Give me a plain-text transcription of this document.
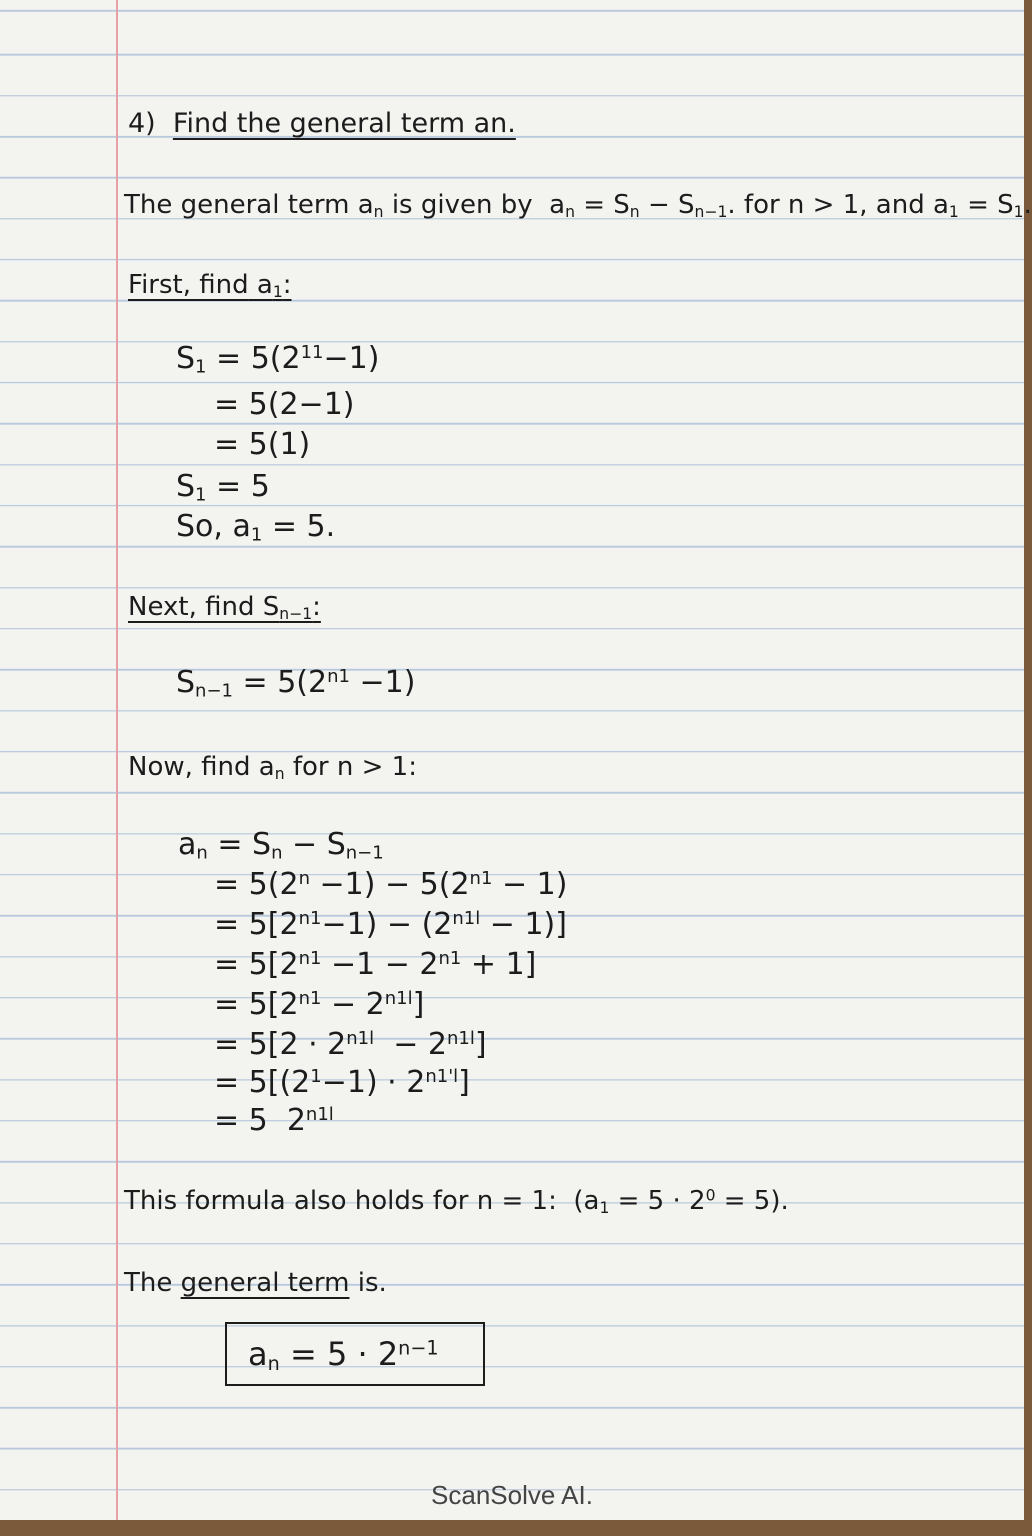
4) Find the general term an.
The general term $a_n$ is given by  $a_n = S_n - S_{n-1}$. for n > 1, and $a_1 = S_1$.
First, find $a_1$:
$S_1 = 5(2^{11}-1)$
= 5(2−1)
= 5(1)
$S_1 = 5$
So, $a_1 = 5$.
Next, find $S_{n-1}$:
$S_{n-1} = 5(2^{n1} -1)$
Now, find $a_n$ for n > 1:
$a_n = S_n - S_{n-1}$
= $5(2^n -1) - 5(2^{n1} - 1)$
= $5[2^{n1}-1) - (2^{n1l} - 1)$]
= $5[2^{n1} -1 - 2^{n1} + 1]$
= $5[2^{n1} - 2^{n1l}]$
= $5[2 \cdot 2^{n1l} - 2^{n1l}]$
= $5[(2^1-1) \cdot 2^{n1'l}]$
= 5  $2^{n1l}$
This formula also holds for n = 1:  $(a_1 = 5 \cdot 2^0 = 5)$.
The general term is.
$a_n = 5 \cdot 2^{n-1}$
ScanSolve AI.
